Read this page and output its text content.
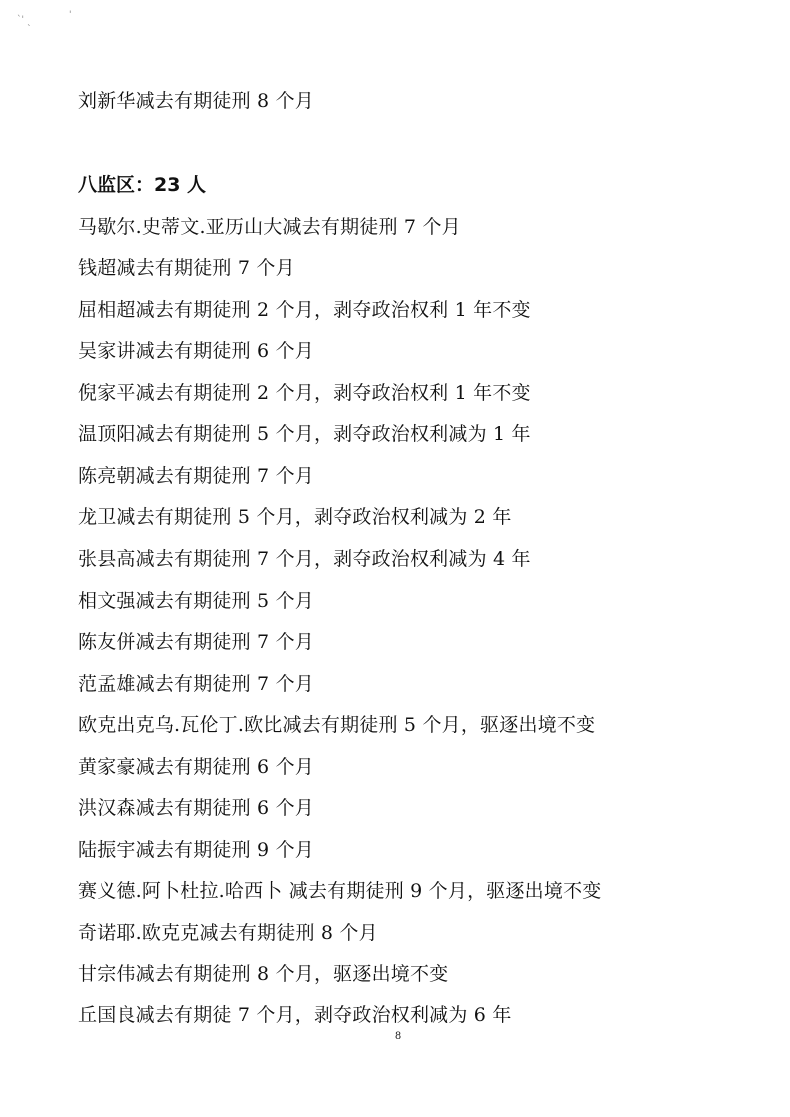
`' ˎ
'
刘新华减去有期徒刑 8 个月
八监区：23 人
马歇尔.史蒂文.亚历山大减去有期徒刑 7 个月
钱超减去有期徒刑 7 个月
屈相超减去有期徒刑 2 个月，剥夺政治权利 1 年不变
吴家讲减去有期徒刑 6 个月
倪家平减去有期徒刑 2 个月，剥夺政治权利 1 年不变
温顶阳减去有期徒刑 5 个月，剥夺政治权利减为 1 年
陈亮朝减去有期徒刑 7 个月
龙卫减去有期徒刑 5 个月，剥夺政治权利减为 2 年
张县高减去有期徒刑 7 个月，剥夺政治权利减为 4 年
相文强减去有期徒刑 5 个月
陈友併减去有期徒刑 7 个月
范孟雄减去有期徒刑 7 个月
欧克出克乌.瓦伦丁.欧比减去有期徒刑 5 个月，驱逐出境不变
黄家豪减去有期徒刑 6 个月
洪汉森减去有期徒刑 6 个月
陆振宇减去有期徒刑 9 个月
赛义德.阿卜杜拉.哈西卜 减去有期徒刑 9 个月，驱逐出境不变
奇诺耶.欧克克减去有期徒刑 8 个月
甘宗伟减去有期徒刑 8 个月，驱逐出境不变
丘国良减去有期徒 7 个月，剥夺政治权利减为 6 年
8
